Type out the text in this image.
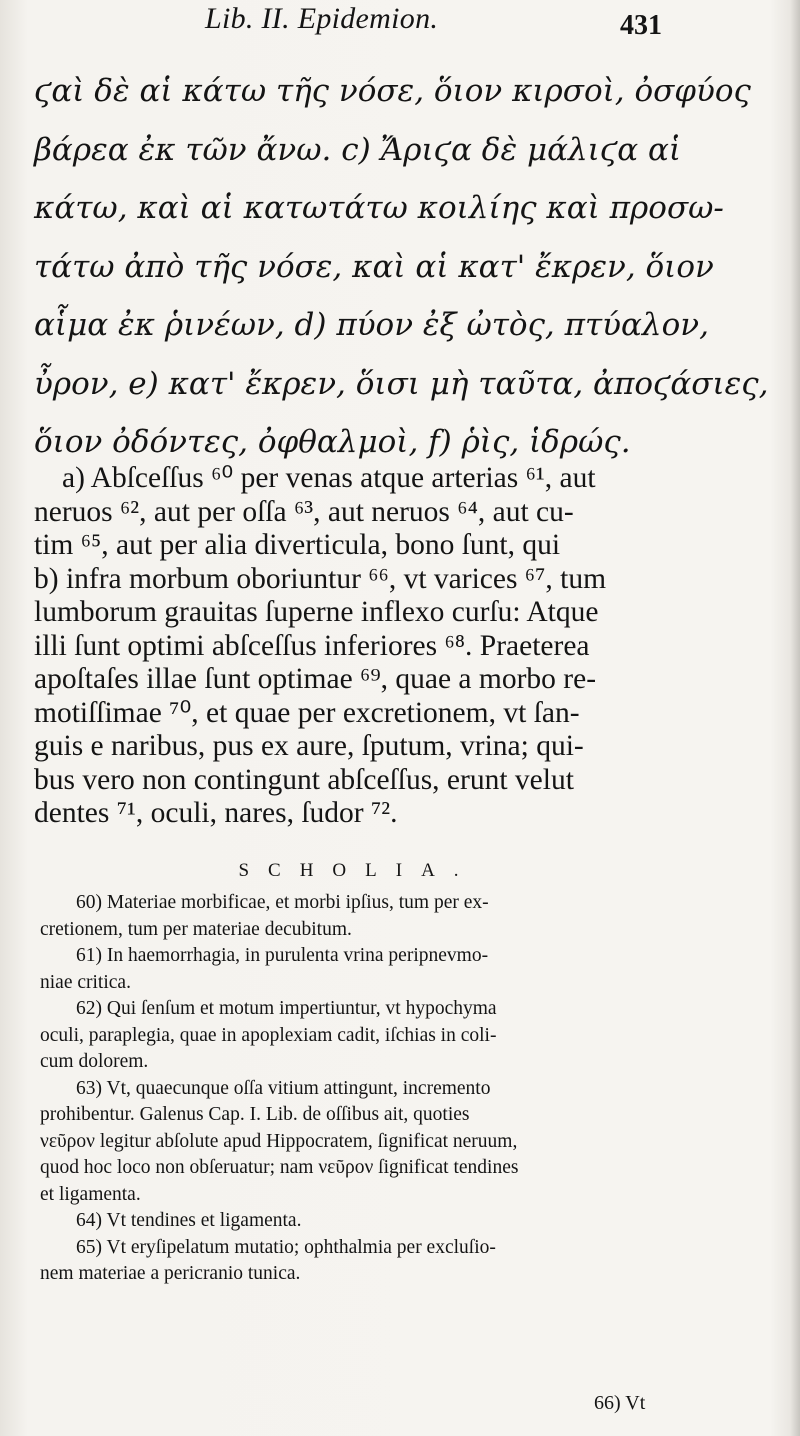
Lib. II. Epidemion.	431
ϛαὶ δὲ αἱ κάτω τῆς νόσε, ὅιον κιρσοὶ, ὀσφύος
βάρεα ἐκ τῶν ἄνω. c) Ἄριϛα δὲ μάλιϛα αἱ
κάτω, καὶ αἱ κατωτάτω κοιλίης καὶ προσω-
τάτω ἀπὸ τῆς νόσε, καὶ αἱ κατ' ἔκρεν, ὅιον
αἷμα ἐκ ῥινέων, d) πύον ἐξ ὠτὸς, πτύαλον,
ὖρον, e) κατ' ἔκρεν, ὅισι μὴ ταῦτα, ἀποϛάσιες,
ὅιον ὀδόντες, ὀφθαλμοὶ, f) ῥὶς, ἱδρώς.
a) Abſceſſus ⁶⁰ per venas atque arterias ⁶¹, aut
neruos ⁶², aut per oſſa ⁶³, aut neruos ⁶⁴, aut cu-
tim ⁶⁵, aut per alia diverticula, bono ſunt, qui
b) infra morbum oboriuntur ⁶⁶, vt varices ⁶⁷, tum
lumborum grauitas ſuperne inflexo curſu: Atque
illi ſunt optimi abſceſſus inferiores ⁶⁸. Praeterea
apoſtaſes illae ſunt optimae ⁶⁹, quae a morbo re-
motiſſimae ⁷⁰, et quae per excretionem, vt ſan-
guis e naribus, pus ex aure, ſputum, vrina; qui-
bus vero non contingunt abſceſſus, erunt velut
dentes ⁷¹, oculi, nares, ſudor ⁷².
SCHOLIA.
60) Materiae morbificae, et morbi ipſius, tum per ex-
cretionem, tum per materiae decubitum.
61) In haemorrhagia, in purulenta vrina peripnevmo-
niae critica.
62) Qui ſenſum et motum impertiuntur, vt hypochyma
oculi, paraplegia, quae in apoplexiam cadit, iſchias in coli-
cum dolorem.
63) Vt, quaecunque oſſa vitium attingunt, incremento
prohibentur. Galenus Cap. I. Lib. de oſſibus ait, quoties
νεῦρον legitur abſolute apud Hippocratem, ſignificat neruum,
quod hoc loco non obſeruatur; nam νεῦρον ſignificat tendines
et ligamenta.
64) Vt tendines et ligamenta.
65) Vt eryſipelatum mutatio; ophthalmia per excluſio-
nem materiae a pericranio tunica.
66) Vt
